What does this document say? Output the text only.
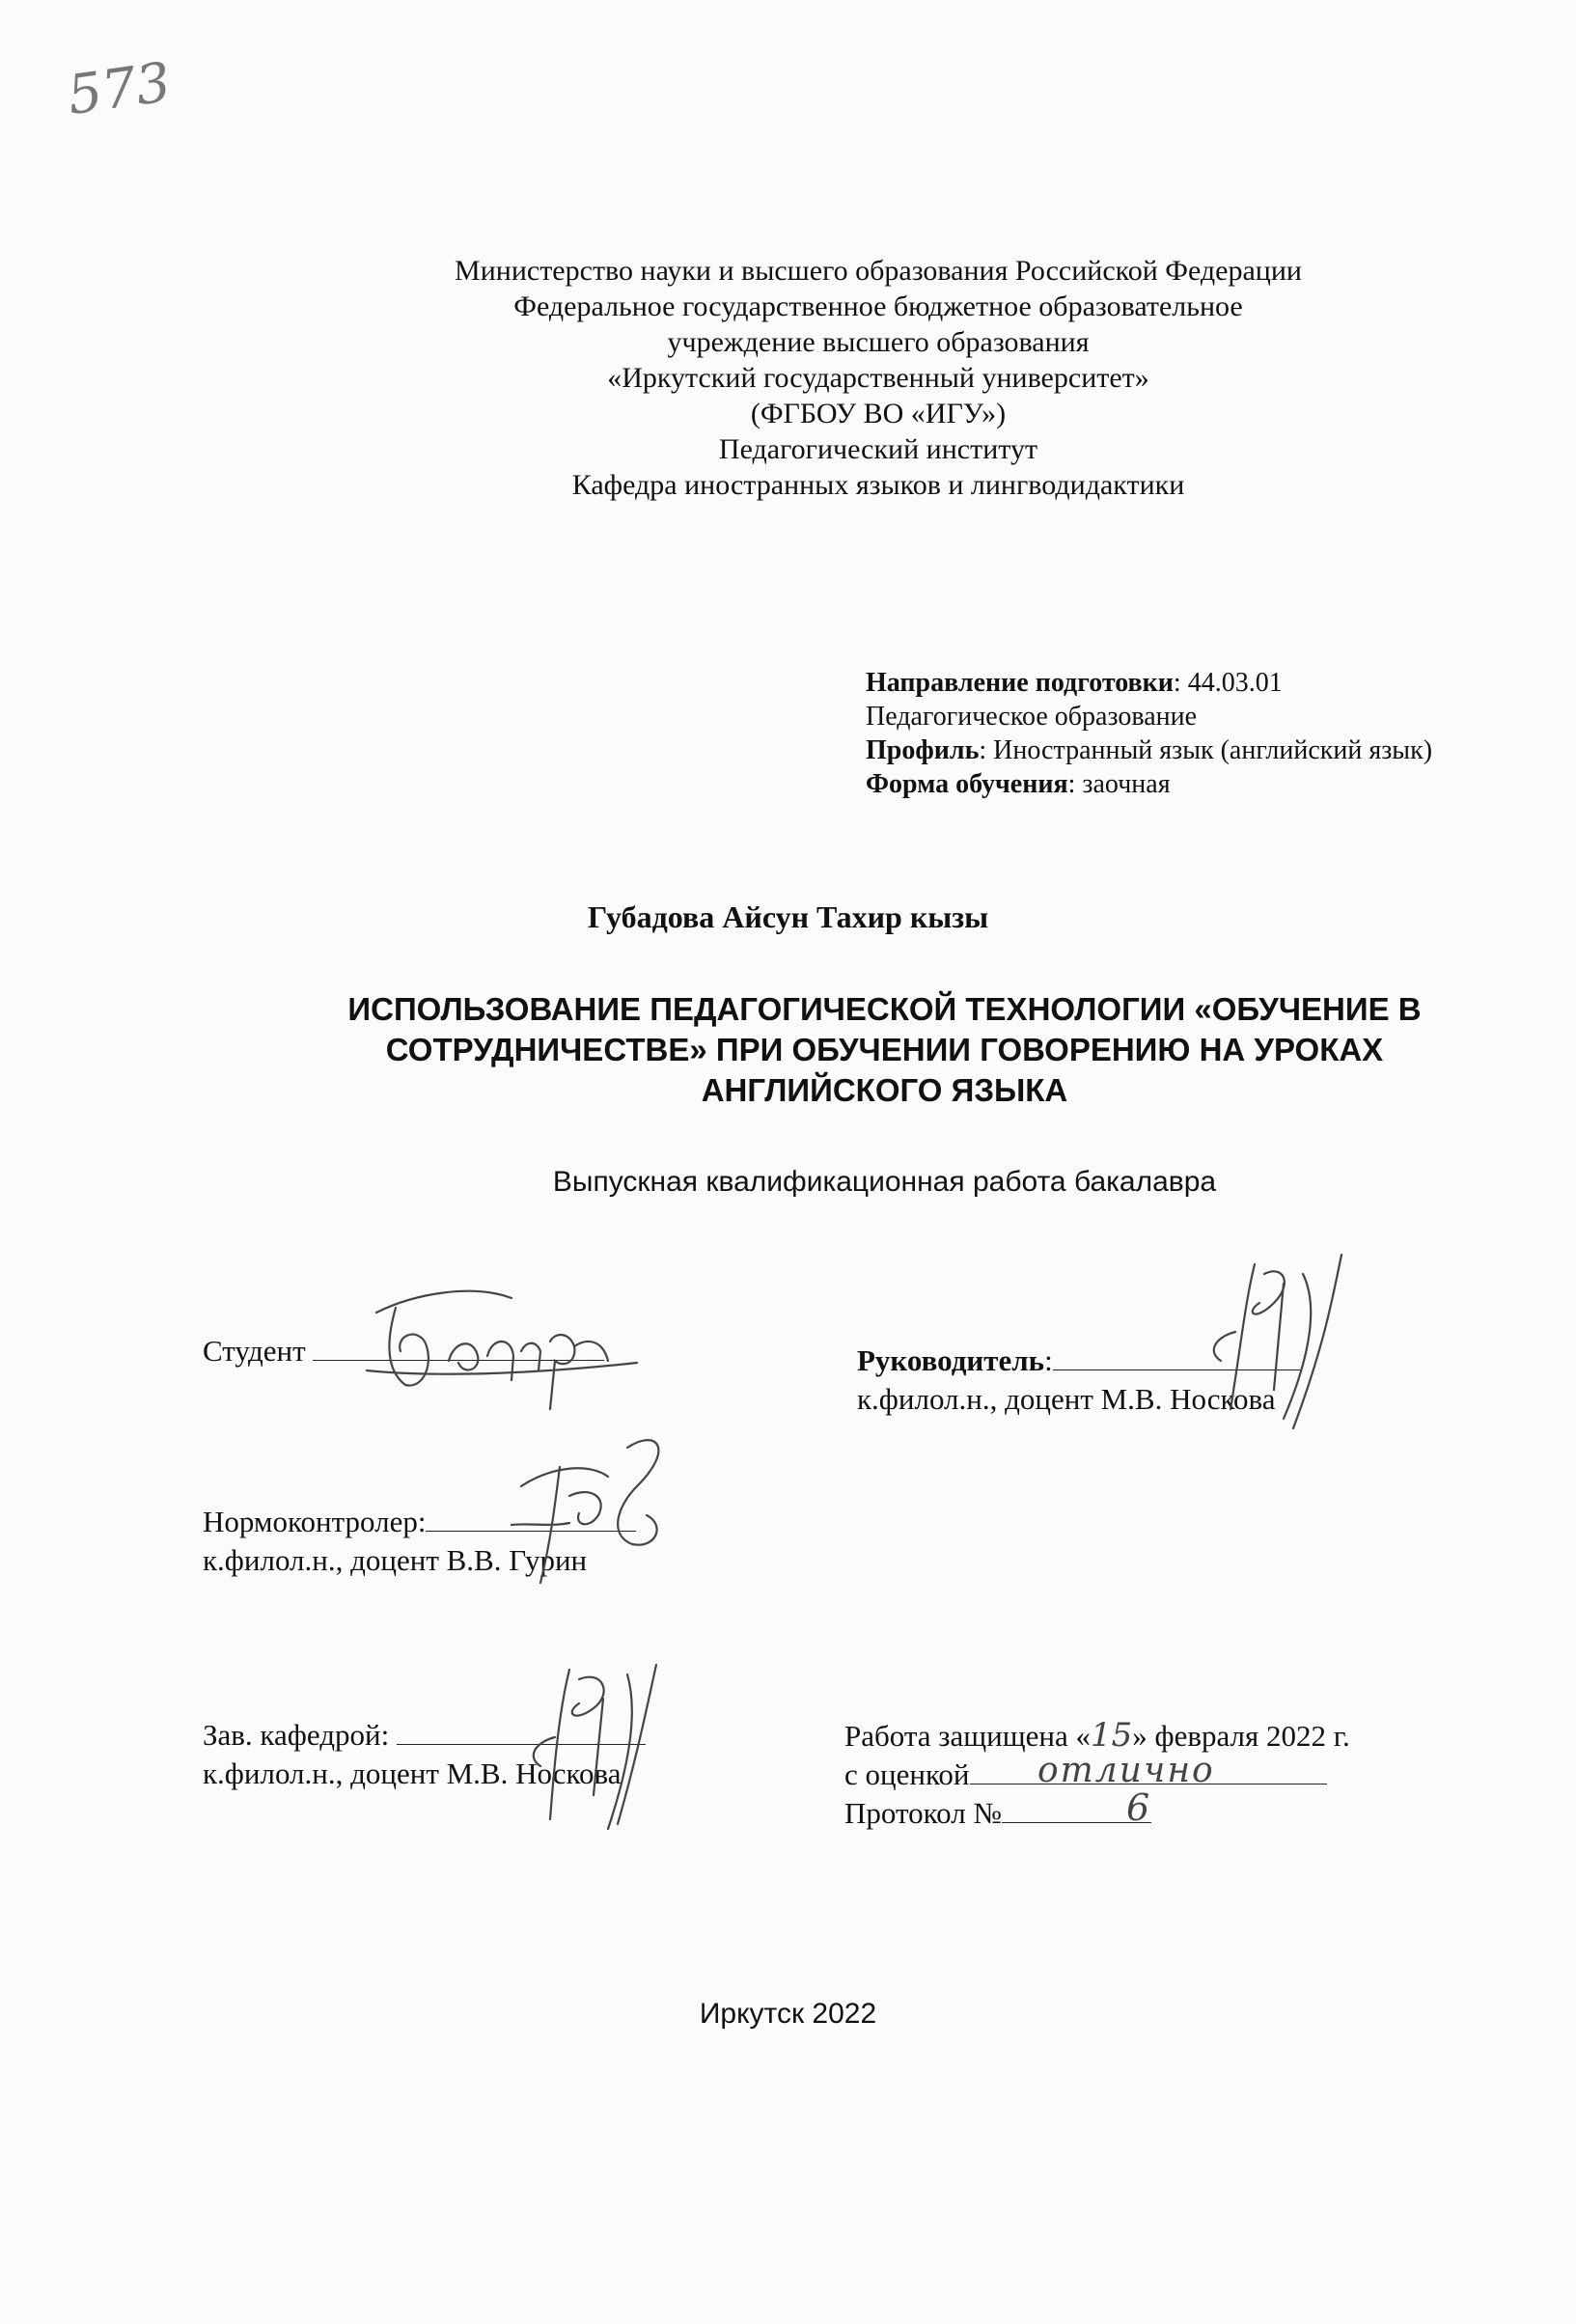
573
Министерство науки и высшего образования Российской Федерации
Федеральное государственное бюджетное образовательное
учреждение высшего образования
«Иркутский государственный университет»
(ФГБОУ ВО «ИГУ»)
Педагогический институт
Кафедра иностранных языков и лингводидактики
Направление подготовки: 44.03.01
Педагогическое образование
Профиль: Иностранный язык (английский язык)
Форма обучения: заочная
Губадова Айсун Тахир кызы
ИСПОЛЬЗОВАНИЕ ПЕДАГОГИЧЕСКОЙ ТЕХНОЛОГИИ «ОБУЧЕНИЕ В
СОТРУДНИЧЕСТВЕ» ПРИ ОБУЧЕНИИ ГОВОРЕНИЮ НА УРОКАХ
АНГЛИЙСКОГО ЯЗЫКА
Выпускная квалификационная работа бакалавра
Студент	Руководитель:
к.филол.н., доцент М.В. Носкова
Нормоконтролер:
к.филол.н., доцент В.В. Гурин
Зав. кафедрой:
к.филол.н., доцент М.В. Носкова
Работа защищена «15» февраля 2022 г.
с оценкой отлично
Протокол №	6
Иркутск 2022
